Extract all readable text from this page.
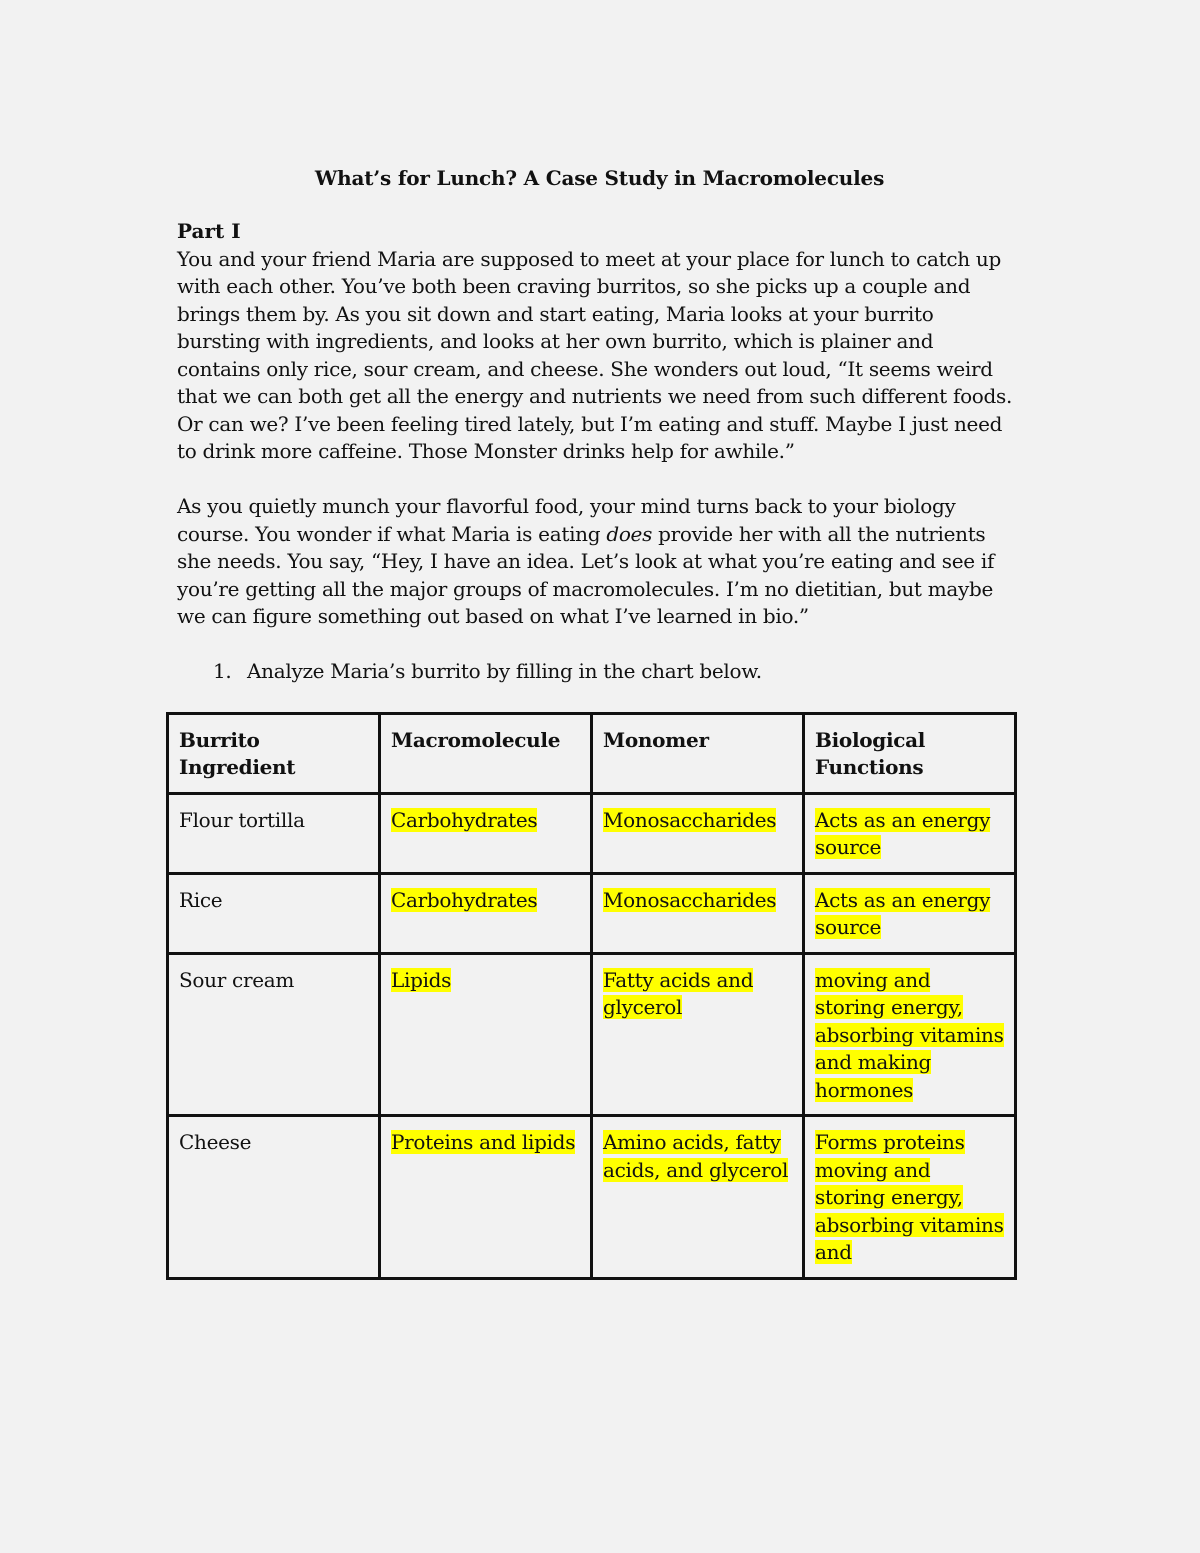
What’s for Lunch? A Case Study in Macromolecules

Part I

You and your friend Maria are supposed to meet at your place for lunch to catch up with each other. You’ve both been craving burritos, so she picks up a couple and brings them by. As you sit down and start eating, Maria looks at your burrito bursting with ingredients, and looks at her own burrito, which is plainer and contains only rice, sour cream, and cheese. She wonders out loud, “It seems weird that we can both get all the energy and nutrients we need from such different foods. Or can we? I’ve been feeling tired lately, but I’m eating and stuff. Maybe I just need to drink more caffeine. Those Monster drinks help for awhile.”

As you quietly munch your flavorful food, your mind turns back to your biology course. You wonder if what Maria is eating does provide her with all the nutrients she needs. You say, “Hey, I have an idea. Let’s look at what you’re eating and see if you’re getting all the major groups of macromolecules. I’m no dietitian, but maybe we can figure something out based on what I’ve learned in bio.”

1. Analyze Maria’s burrito by filling in the chart below.
Burrito Ingredient	Macromolecule	Monomer	Biological Functions
Flour tortilla	Carbohydrates	Monosaccharides	Acts as an energy source
Rice	Carbohydrates	Monosaccharides	Acts as an energy source
Sour cream	Lipids	Fatty acids and glycerol	moving and storing energy, absorbing vitamins and making hormones
Cheese	Proteins and lipids	Amino acids, fatty acids, and glycerol	Forms proteins moving and storing energy, absorbing vitamins and
